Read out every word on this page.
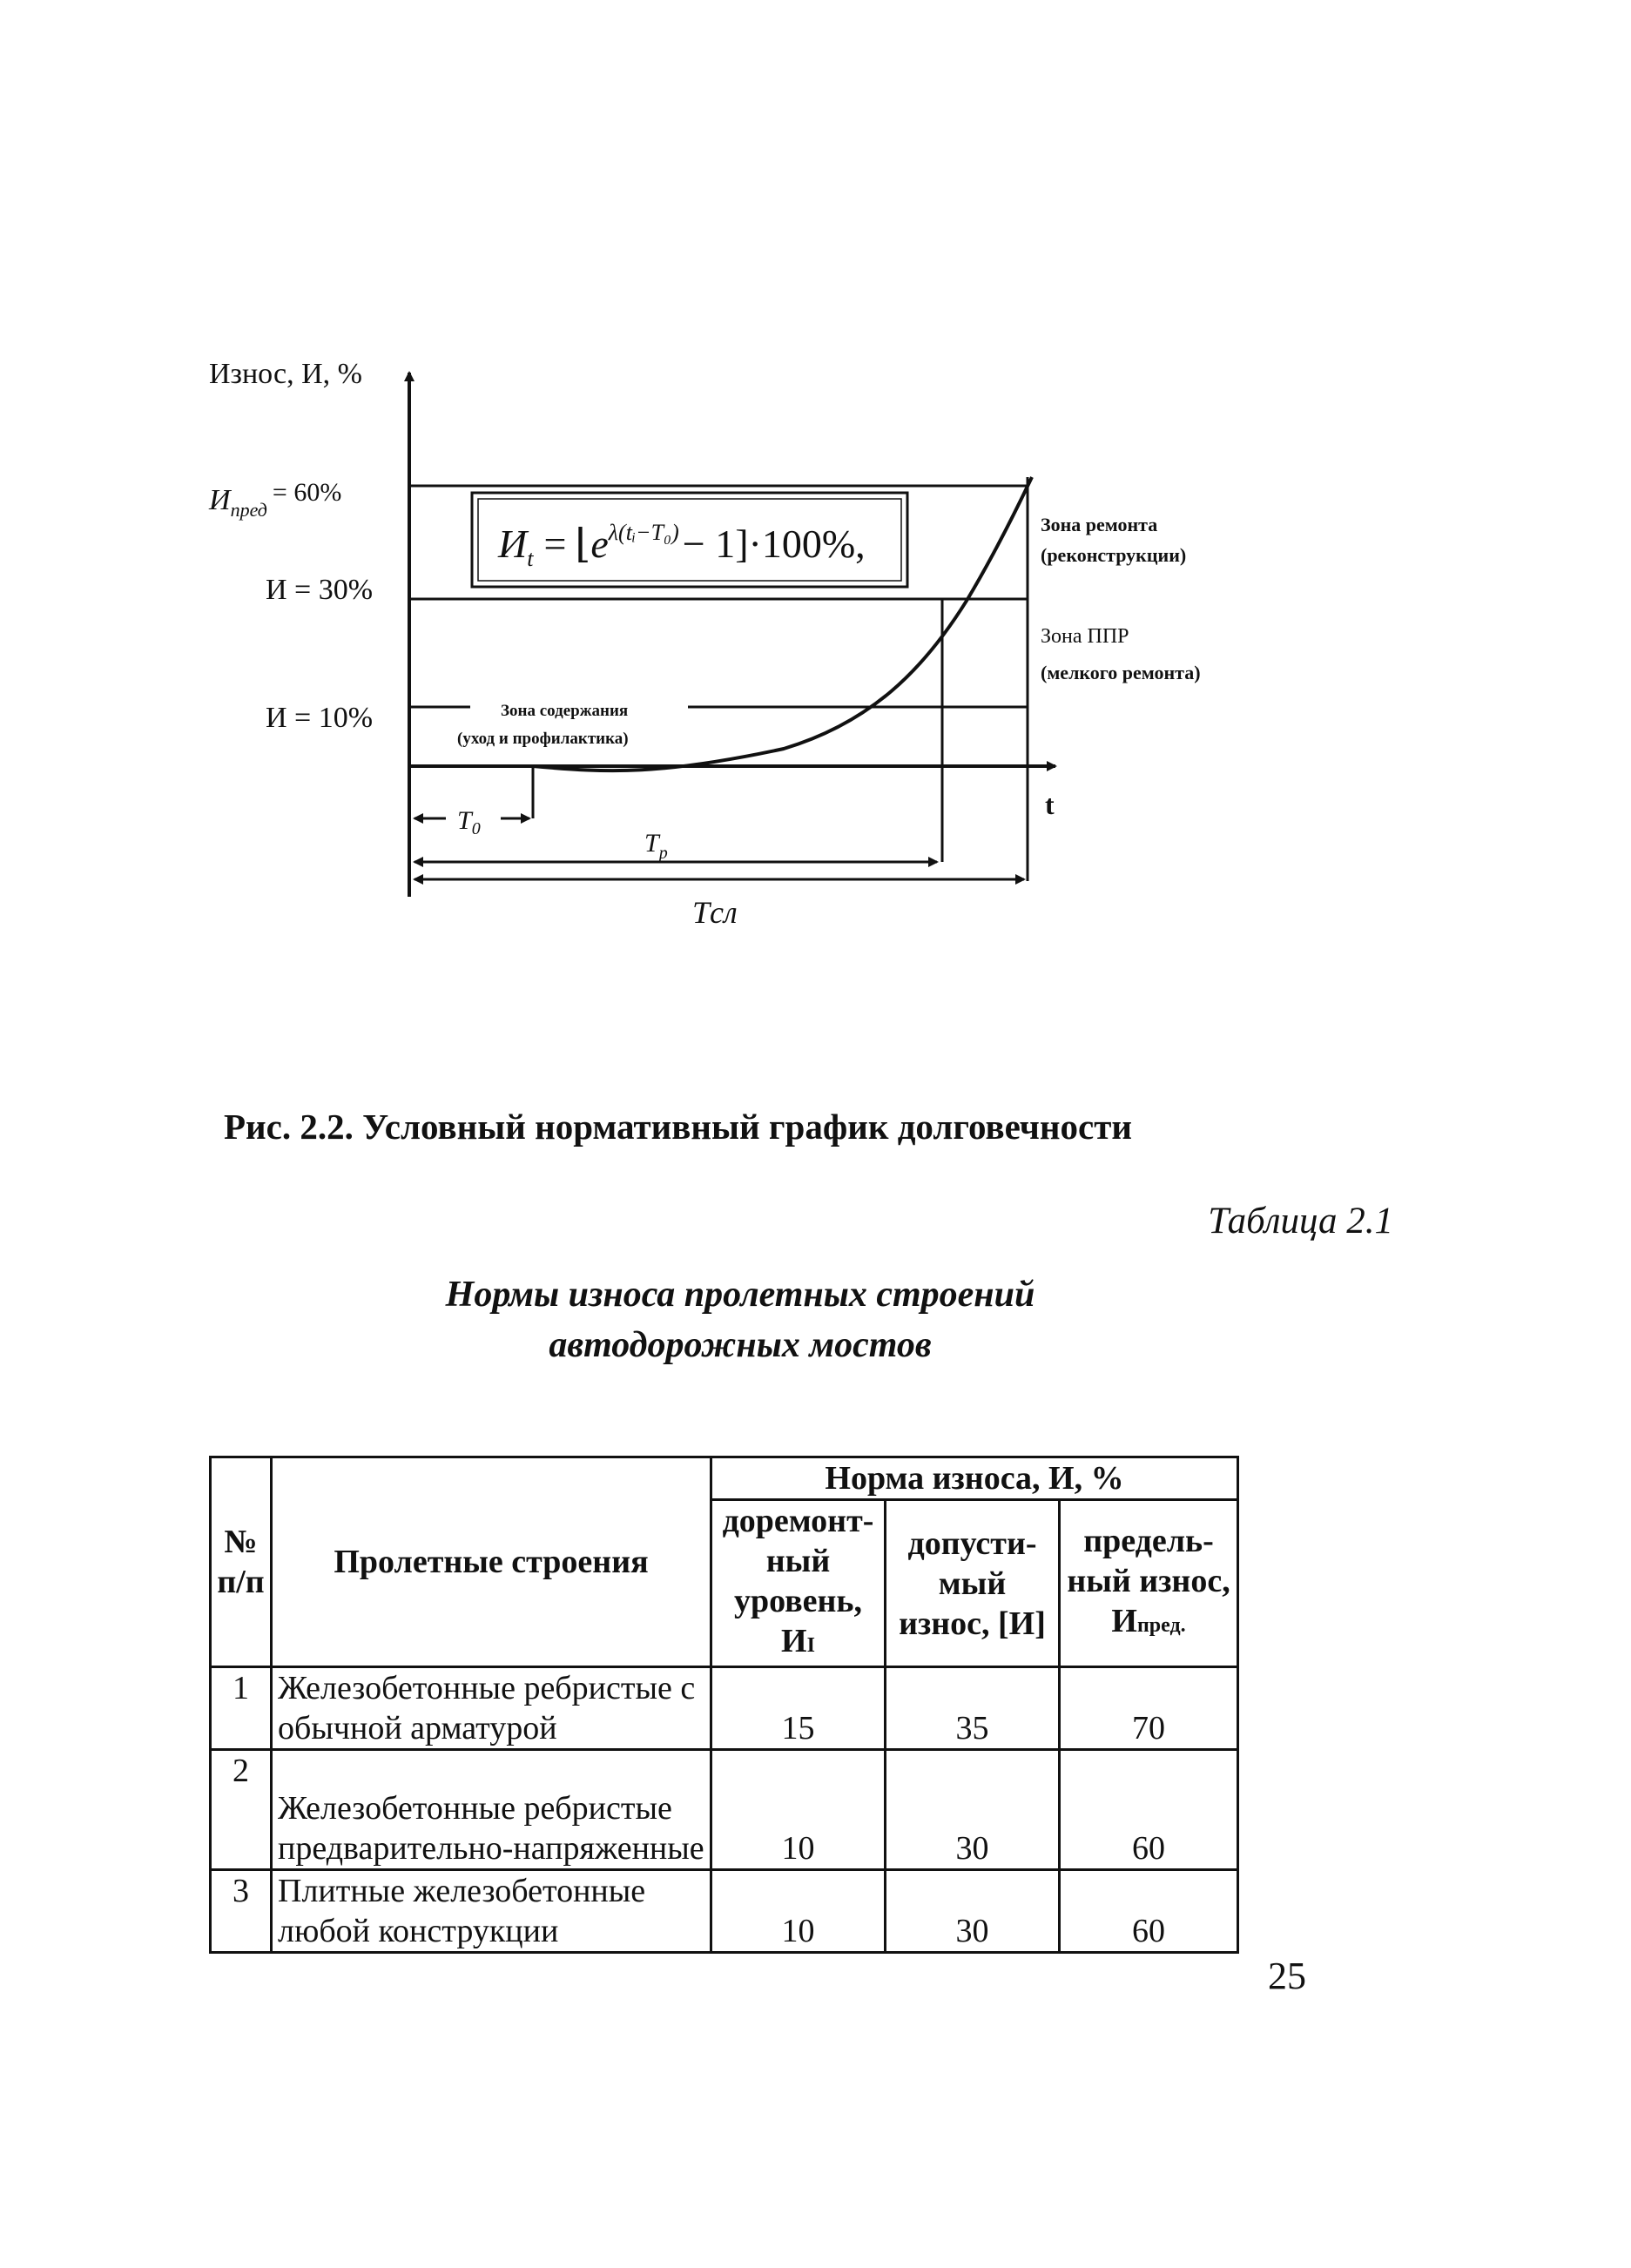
$И_t$ = $⌊e^{\lambda(tᵢ-T_0)}- 1]\cdot 100\%$,
Износ, И, %
$И_{пред}= 60\%$
И = 30%
И = 10%
Зона ремонта
(реконструкции)
Зона ППР
(мелкого ремонта)
Зона содержания
(уход и профилактика)
t
$T_0$	$T_p$
Tсл
Рис. 2.2. Условный нормативный график долговечности
Таблица 2.1
Нормы износа пролетных строений
автодорожных мостов
№ п/п	Пролетные строения	Норма износа, И, %		
		доремонт-ный уровень, ИI	допусти-мый износ, [И]	предель-ный износ, Ипред.
1	Железобетонные ребристые с обычной арматурой	15	35	70
2	Железобетонные ребристые предварительно-напряженные	10	30	60
3	Плитные железобетонные любой конструкции	10	30	60
25
